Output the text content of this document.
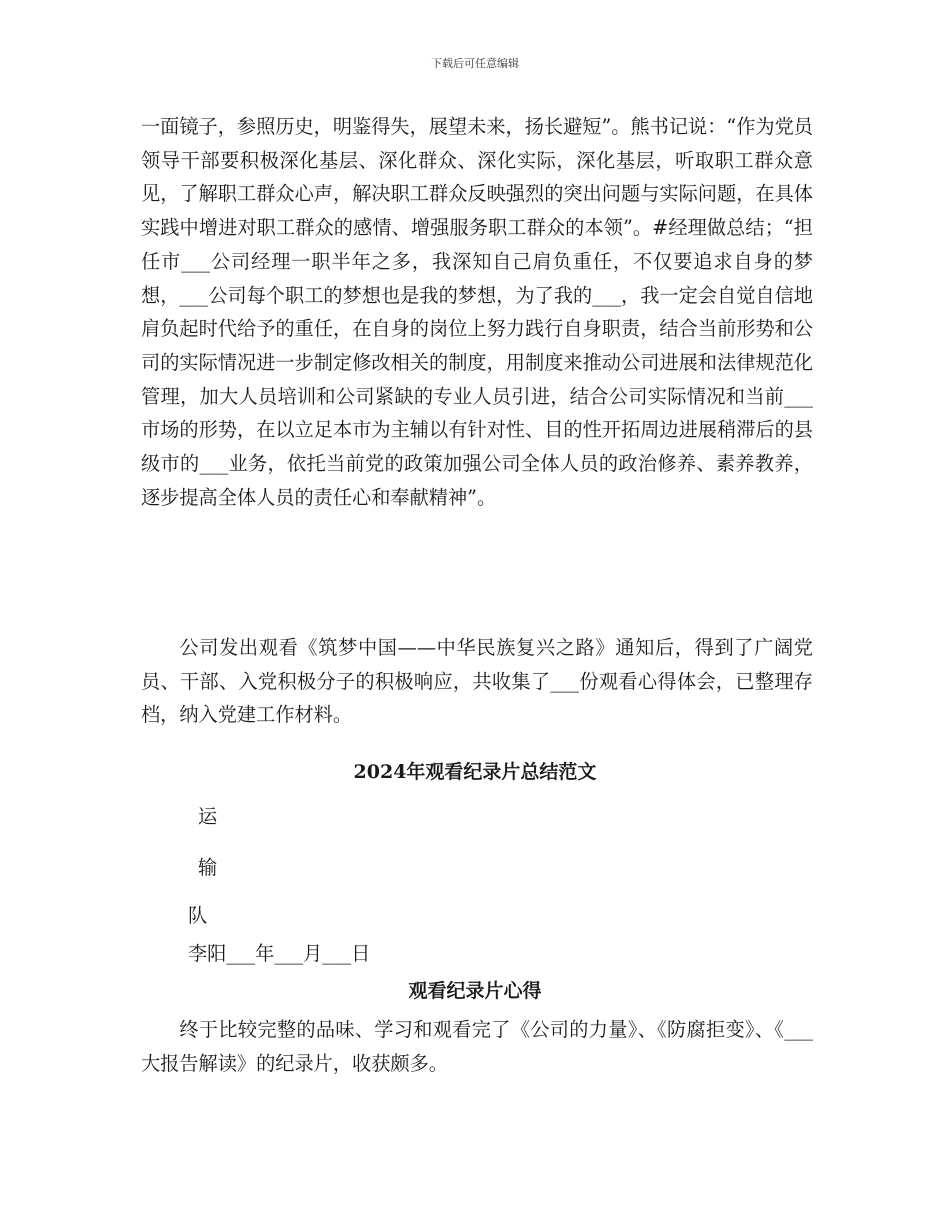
下载后可任意编辑

一面镜子，参照历史，明鉴得失，展望未来，扬长避短”。熊书记说：“作为党员领导干部要积极深化基层、深化群众、深化实际，深化基层，听取职工群众意见，了解职工群众心声，解决职工群众反映强烈的突出问题与实际问题，在具体实践中增进对职工群众的感情、增强服务职工群众的本领”。#经理做总结；“担任市___公司经理一职半年之多，我深知自己肩负重任，不仅要追求自身的梦想，___公司每个职工的梦想也是我的梦想，为了我的___，我一定会自觉自信地肩负起时代给予的重任，在自身的岗位上努力践行自身职责，结合当前形势和公司的实际情况进一步制定修改相关的制度，用制度来推动公司进展和法律规范化管理，加大人员培训和公司紧缺的专业人员引进，结合公司实际情况和当前___市场的形势，在以立足本市为主辅以有针对性、目的性开拓周边进展稍滞后的县级市的___业务，依托当前党的政策加强公司全体人员的政治修养、素养教养，逐步提高全体人员的责任心和奉献精神”。

公司发出观看《筑梦中国——中华民族复兴之路》通知后，得到了广阔党员、干部、入党积极分子的积极响应，共收集了___份观看心得体会，已整理存档，纳入党建工作材料。

2024年观看纪录片总结范文

运

输

队

李阳___年___月___日

观看纪录片心得

终于比较完整的品味、学习和观看完了《公司的力量》、《防腐拒变》、《___大报告解读》的纪录片，收获颇多。
